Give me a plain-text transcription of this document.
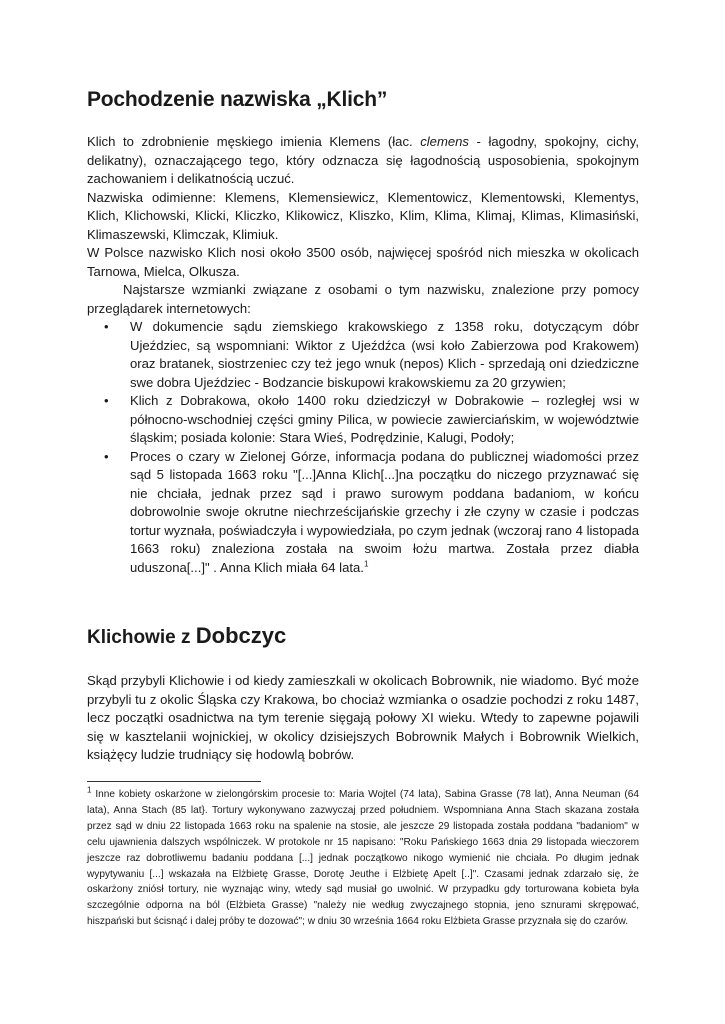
Pochodzenie nazwiska „Klich”

Klich to zdrobnienie męskiego imienia Klemens (łac. clemens - łagodny, spokojny, cichy, delikatny), oznaczającego tego, który odznacza się łagodnością usposobienia, spokojnym zachowaniem i delikatnością uczuć.

Nazwiska odimienne: Klemens, Klemensiewicz, Klementowicz, Klementowski, Klementys, Klich, Klichowski, Klicki, Kliczko, Klikowicz, Kliszko, Klim, Klima, Klimaj, Klimas, Klimasiński, Klimaszewski, Klimczak, Klimiuk.

W Polsce nazwisko Klich nosi około 3500 osób, najwięcej spośród nich mieszka w okolicach Tarnowa, Mielca, Olkusza.

Najstarsze wzmianki związane z osobami o tym nazwisku, znalezione przy pomocy przeglądarek internetowych:

• W dokumencie sądu ziemskiego krakowskiego z 1358 roku, dotyczącym dóbr Ujeździec, są wspomniani: Wiktor z Ujeźdźca (wsi koło Zabierzowa pod Krakowem) oraz bratanek, siostrzeniec czy też jego wnuk (nepos) Klich - sprzedają oni dziedziczne swe dobra Ujeździec - Bodzancie biskupowi krakowskiemu za 20 grzywien;
• Klich z Dobrakowa, około 1400 roku dziedziczył w Dobrakowie – rozległej wsi w północno-wschodniej części gminy Pilica, w powiecie zawierciańskim, w województwie śląskim; posiada kolonie: Stara Wieś, Podrędzinie, Kalugi, Podoły;
• Proces o czary w Zielonej Górze, informacja podana do publicznej wiadomości przez sąd 5 listopada 1663 roku "[...]Anna Klich[...]na początku do niczego przyznawać się nie chciała, jednak przez sąd i prawo surowym poddana badaniom, w końcu dobrowolnie swoje okrutne niechrześcijańskie grzechy i złe czyny w czasie i podczas tortur wyznała, poświadczyła i wypowiedziała, po czym jednak (wczoraj rano 4 listopada 1663 roku) znaleziona została na swoim łożu martwa. Została przez diabła uduszona[...]" . Anna Klich miała 64 lata.$^1$
Klichowie z Dobczyc

Skąd przybyli Klichowie i od kiedy zamieszkali w okolicach Bobrownik, nie wiadomo. Być może przybyli tu z okolic Śląska czy Krakowa, bo chociaż wzmianka o osadzie pochodzi z roku 1487, lecz początki osadnictwa na tym terenie sięgają połowy XI wieku. Wtedy to zapewne pojawili się w kasztelanii wojnickiej, w okolicy dzisiejszych Bobrownik Małych i Bobrownik Wielkich, książęcy ludzie trudniący się hodowlą bobrów.

$^1$ Inne kobiety oskarżone w zielongórskim procesie to: Maria Wojtel (74 lata), Sabina Grasse (78 lat), Anna Neuman (64 lata), Anna Stach (85 lat}. Tortury wykonywano zazwyczaj przed południem. Wspomniana Anna Stach skazana została przez sąd w dniu 22 listopada 1663 roku na spalenie na stosie, ale jeszcze 29 listopada została poddana "badaniom" w celu ujawnienia dalszych wspólniczek. W protokole nr 15 napisano: "Roku Pańskiego 1663 dnia 29 listopada wieczorem jeszcze raz dobrotliwemu badaniu poddana [...] jednak początkowo nikogo wymienić nie chciała. Po długim jednak wypytywaniu [...] wskazała na Elżbietę Grasse, Dorotę Jeuthe i Elżbietę Apelt [..]". Czasami jednak zdarzało się, że oskarżony zniósł tortury, nie wyznając winy, wtedy sąd musiał go uwolnić. W przypadku gdy torturowana kobieta była szczególnie odporna na ból (Elżbieta Grasse) "należy nie według zwyczajnego stopnia, jeno sznurami skrępować, hiszpański but ścisnąć i dalej próby te dozować"; w dniu 30 września 1664 roku Elżbieta Grasse przyznała się do czarów.
